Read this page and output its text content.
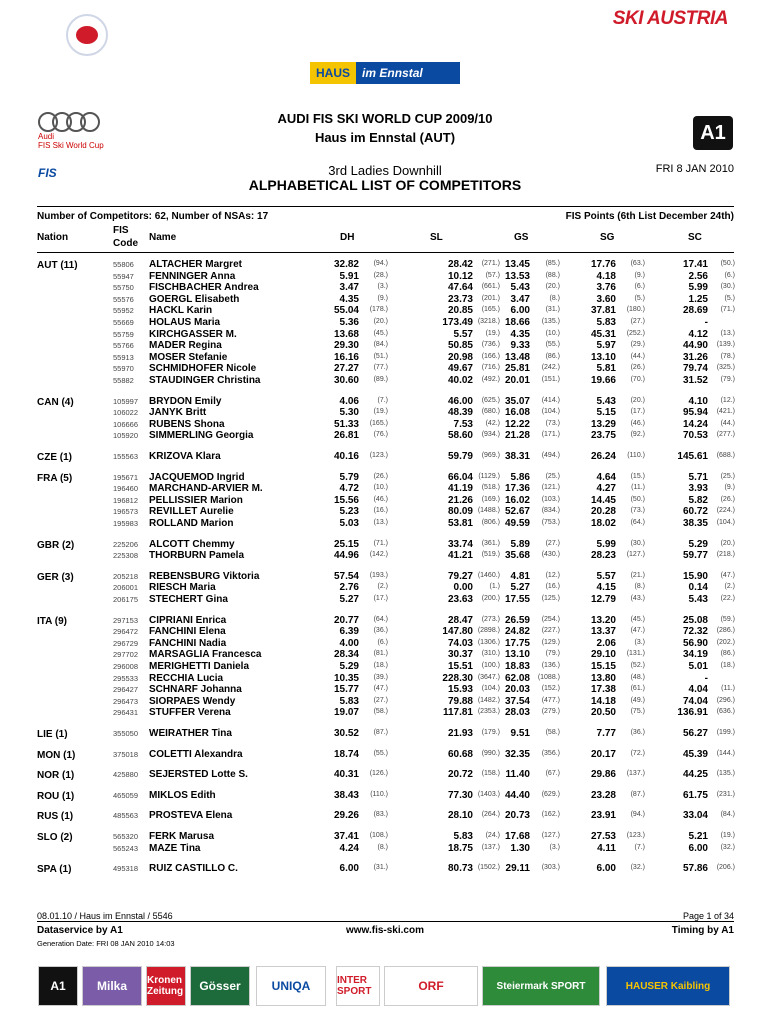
SKI AUSTRIA
HAUS	im Ennstal
Audi
FIS Ski World Cup
A1
FIS
AUDI FIS SKI WORLD CUP 2009/10
Haus im Ennstal (AUT)
3rd Ladies Downhill	FRI 8 JAN 2010
ALPHABETICAL LIST OF COMPETITORS
Number of Competitors: 62, Number of NSAs: 17	FIS Points (6th List December 24th)
Nation
FIS
Code
Name	DH	SL	GS	SG	SC
AUT (11)	55806 ALTACHER Margret	32.82 (94.)	28.42 (271.) 13.45 (85.)	17.76 (63.)	17.41 (50.)
55947 FENNINGER Anna	5.91 (28.)	10.12 (57.) 13.53 (88.)	4.18	(9.)	2.56 (6.)
55750 FISCHBACHER Andrea	3.47	(3.)	47.64 (661.) 5.43 (20.)	3.76	(6.)	5.99 (30.)
55576 GOERGL Elisabeth	4.35	(9.)	23.73 (201.) 3.47	(8.)	3.60	(5.)	1.25 (5.)
55952 HACKL Karin	55.04 (178.)	20.85 (165.) 6.00 (31.)	37.81 (180.)	28.69 (71.)
55669 HOLAUS Maria	5.36 (20.)	173.49 (3218.) 18.66 (135.)	5.83 (27.)	-
55759 KIRCHGASSER M.	13.68 (45.)	5.57 (19.) 4.35 (10.)	45.31 (252.)	4.12 (13.)
55766 MADER Regina	29.30 (84.)	50.85 (736.) 9.33 (55.)	5.97 (29.)	44.90 (139.)
55913 MOSER Stefanie	16.16 (51.)	20.98 (166.) 13.48 (86.)	13.10 (44.)	31.26 (78.)
55970 SCHMIDHOFER Nicole	27.27 (77.)	49.67 (716.) 25.81 (242.)	5.81 (26.)	79.74 (325.)
55882 STAUDINGER Christina	30.60 (89.)	40.02 (492.) 20.01 (151.)	19.66 (70.)	31.52 (79.)
CAN (4)	105997 BRYDON Emily	4.06	(7.)	46.00 (625.) 35.07 (414.)	5.43 (20.)	4.10 (12.)
106022 JANYK Britt	5.30 (19.)	48.39 (680.) 16.08 (104.)	5.15 (17.)	95.94 (421.)
106666 RUBENS Shona	51.33 (165.)	7.53 (42.) 12.22 (73.)	13.29 (46.)	14.24 (44.)
105920 SIMMERLING Georgia	26.81 (76.)	58.60 (934.) 21.28 (171.)	23.75 (92.)	70.53 (277.)
CZE (1)	155563 KRIZOVA Klara	40.16 (123.)	59.79 (969.) 38.31 (494.)	26.24 (110.)	145.61 (688.)
FRA (5)	195671 JACQUEMOD Ingrid	5.79 (26.)	66.04 (1129.) 5.86 (25.)	4.64 (15.)	5.71 (25.)
196460 MARCHAND-ARVIER M.	4.72 (10.)	41.19 (518.) 17.36 (121.)	4.27 (11.)	3.93 (9.)
196812 PELLISSIER Marion	15.56 (46.)	21.26 (169.) 16.02 (103.)	14.45 (50.)	5.82 (26.)
196573 REVILLET Aurelie	5.23 (16.)	80.09 (1488.) 52.67 (834.)	20.28 (73.)	60.72 (224.)
195983 ROLLAND Marion	5.03 (13.)	53.81 (806.) 49.59 (753.)	18.02 (64.)	38.35 (104.)
GBR (2)	225206 ALCOTT Chemmy	25.15 (71.)	33.74 (361.) 5.89 (27.)	5.99 (30.)	5.29 (20.)
225308 THORBURN Pamela	44.96 (142.)	41.21 (519.) 35.68 (430.)	28.23 (127.)	59.77 (218.)
GER (3)	205218 REBENSBURG Viktoria	57.54 (193.)	79.27 (1460.) 4.81 (12.)	5.57 (21.)	15.90 (47.)
206001 RIESCH Maria	2.76	(2.)	0.00 (1.) 5.27 (16.)	4.15	(8.)	0.14 (2.)
206175 STECHERT Gina	5.27 (17.)	23.63 (200.) 17.55 (125.)	12.79 (43.)	5.43 (22.)
ITA (9)	297153 CIPRIANI Enrica	20.77 (64.)	28.47 (273.) 26.59 (254.)	13.20 (45.)	25.08 (59.)
296472 FANCHINI Elena	6.39 (36.)	147.80 (2898.) 24.82 (227.)	13.37 (47.)	72.32 (286.)
296729 FANCHINI Nadia	4.00	(6.)	74.03 (1306.) 17.75 (129.)	2.06	(3.)	56.90 (202.)
297702 MARSAGLIA Francesca	28.34 (81.)	30.37 (310.) 13.10 (79.)	29.10 (131.)	34.19 (86.)
296008 MERIGHETTI Daniela	5.29 (18.)	15.51 (100.) 18.83 (136.)	15.15 (52.)	5.01 (18.)
295533 RECCHIA Lucia	10.35 (39.)	228.30 (3647.) 62.08 (1088.)	13.80 (48.)	-
296427 SCHNARF Johanna	15.77 (47.)	15.93 (104.) 20.03 (152.)	17.38 (61.)	4.04 (11.)
296473 SIORPAES Wendy	5.83 (27.)	79.88 (1482.) 37.54 (477.)	14.18 (49.)	74.04 (296.)
296431 STUFFER Verena	19.07 (58.)	117.81 (2353.) 28.03 (279.)	20.50 (75.)	136.91 (636.)
LIE (1)	355050 WEIRATHER Tina	30.52 (87.)	21.93 (179.) 9.51 (58.)	7.77 (36.)	56.27 (199.)
MON (1)	375018 COLETTI Alexandra	18.74 (55.)	60.68 (990.) 32.35 (356.)	20.17 (72.)	45.39 (144.)
NOR (1)	425880 SEJERSTED Lotte S.	40.31 (126.)	20.72 (158.) 11.40 (67.)	29.86 (137.)	44.25 (135.)
ROU (1)	465059 MIKLOS Edith	38.43 (110.)	77.30 (1403.) 44.40 (629.)	23.28 (87.)	61.75 (231.)
RUS (1)	485563 PROSTEVA Elena	29.26 (83.)	28.10 (264.) 20.73 (162.)	23.91 (94.)	33.04 (84.)
SLO (2)	565320 FERK Marusa	37.41 (108.)	5.83 (24.) 17.68 (127.)	27.53 (123.)	5.21 (19.)
565243 MAZE Tina	4.24	(8.)	18.75 (137.) 1.30	(3.)	4.11	(7.)	6.00 (32.)
SPA (1)	495318 RUIZ CASTILLO C.	6.00 (31.)	80.73 (1502.) 29.11 (303.)	6.00 (32.)	57.86 (206.)
08.01.10 / Haus im Ennstal / 5546	Page 1 of 34
Dataservice by A1	www.fis-ski.com	Timing by A1
Generation Date: FRI 08 JAN 2010 14:03
A1	Milka	Kronen Zeitung	Gösser	UNIQA	INTER SPORT	ORF	Steiermark SPORT	HAUSER Kaibling
